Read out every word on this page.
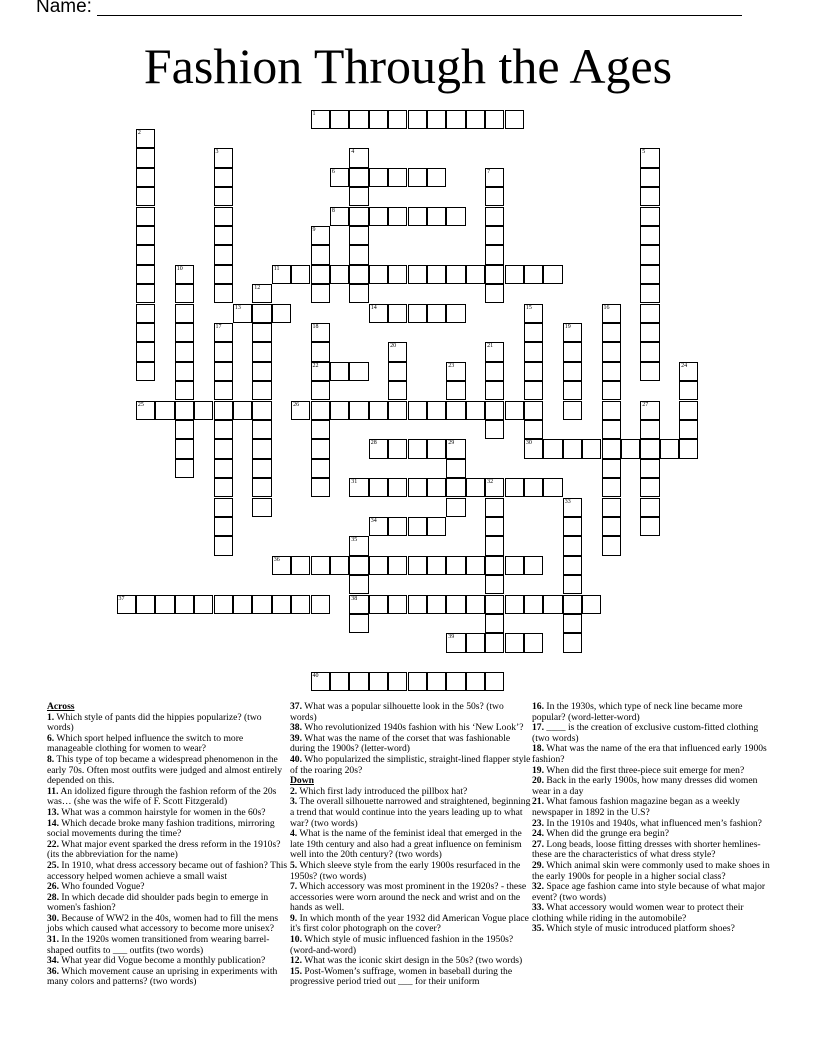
Name:
Fashion Through the Ages
1
6
8
11
13	14
22
25	26
28	29	30
31	32
34
36
37	38
39
40
2
3	4	5
7
9
10
12
15	16
17	18	19
20	21
23	24
27
33
35

Across

1. Which style of pants did the hippies popularize? (two words)

6. Which sport helped influence the switch to more manageable clothing for women to wear?

8. This type of top became a widespread phenomenon in the early 70s. Often most outfits were judged and almost entirely depended on this.

11. An idolized figure through the fashion reform of the 20s was… (she was the wife of F. Scott Fitzgerald)

13. What was a common hairstyle for women in the 60s?

14. Which decade broke many fashion traditions, mirroring social movements during the time?

22. What major event sparked the dress reform in the 1910s? (its the abbreviation for the name)

25. In 1910, what dress accessory became out of fashion? This accessory helped women achieve a small waist

26. Who founded Vogue?

28. In which decade did shoulder pads begin to emerge in women's fashion?

30. Because of WW2 in the 40s, women had to fill the mens jobs which caused what accessory to become more unisex?

31. In the 1920s women transitioned from wearing barrel-shaped outfits to ___ outfits (two words)

34. What year did Vogue become a monthly publication?

36. Which movement cause an uprising in experiments with many colors and patterns? (two words)

37. What was a popular silhouette look in the 50s? (two words)

38. Who revolutionized 1940s fashion with his ‘New Look’?

39. What was the name of the corset that was fashionable during the 1900s? (letter-word)

40. Who popularized the simplistic, straight-lined flapper style of the roaring 20s?

Down

2. Which first lady introduced the pillbox hat?

3. The overall silhouette narrowed and straightened, beginning a trend that would continue into the years leading up to what war? (two words)

4. What is the name of the feminist ideal that emerged in the late 19th century and also had a great influence on feminism well into the 20th century? (two words)

5. Which sleeve style from the early 1900s resurfaced in the 1950s? (two words)

7. Which accessory was most prominent in the 1920s? - these accessories were worn around the neck and wrist and on the hands as well.

9. In which month of the year 1932 did American Vogue place it's first color photograph on the cover?

10. Which style of music influenced fashion in the 1950s? (word-and-word)

12. What was the iconic skirt design in the 50s? (two words)

15. Post-Women’s suffrage, women in baseball during the progressive period tried out ___ for their uniform

16. In the 1930s, which type of neck line became more popular? (word-letter-word)

17. ____ is the creation of exclusive custom-fitted clothing (two words)

18. What was the name of the era that influenced early 1900s fashion?

19. When did the first three-piece suit emerge for men?

20. Back in the early 1900s, how many dresses did women wear in a day

21. What famous fashion magazine began as a weekly newspaper in 1892 in the U.S?

23. In the 1910s and 1940s, what influenced men’s fashion?

24. When did the grunge era begin?

27. Long beads, loose fitting dresses with shorter hemlines- these are the characteristics of what dress style?

29. Which animal skin were commonly used to make shoes in the early 1900s for people in a higher social class?

32. Space age fashion came into style because of what major event? (two words)

33. What accessory would women wear to protect their clothing while riding in the automobile?

35. Which style of music introduced platform shoes?
